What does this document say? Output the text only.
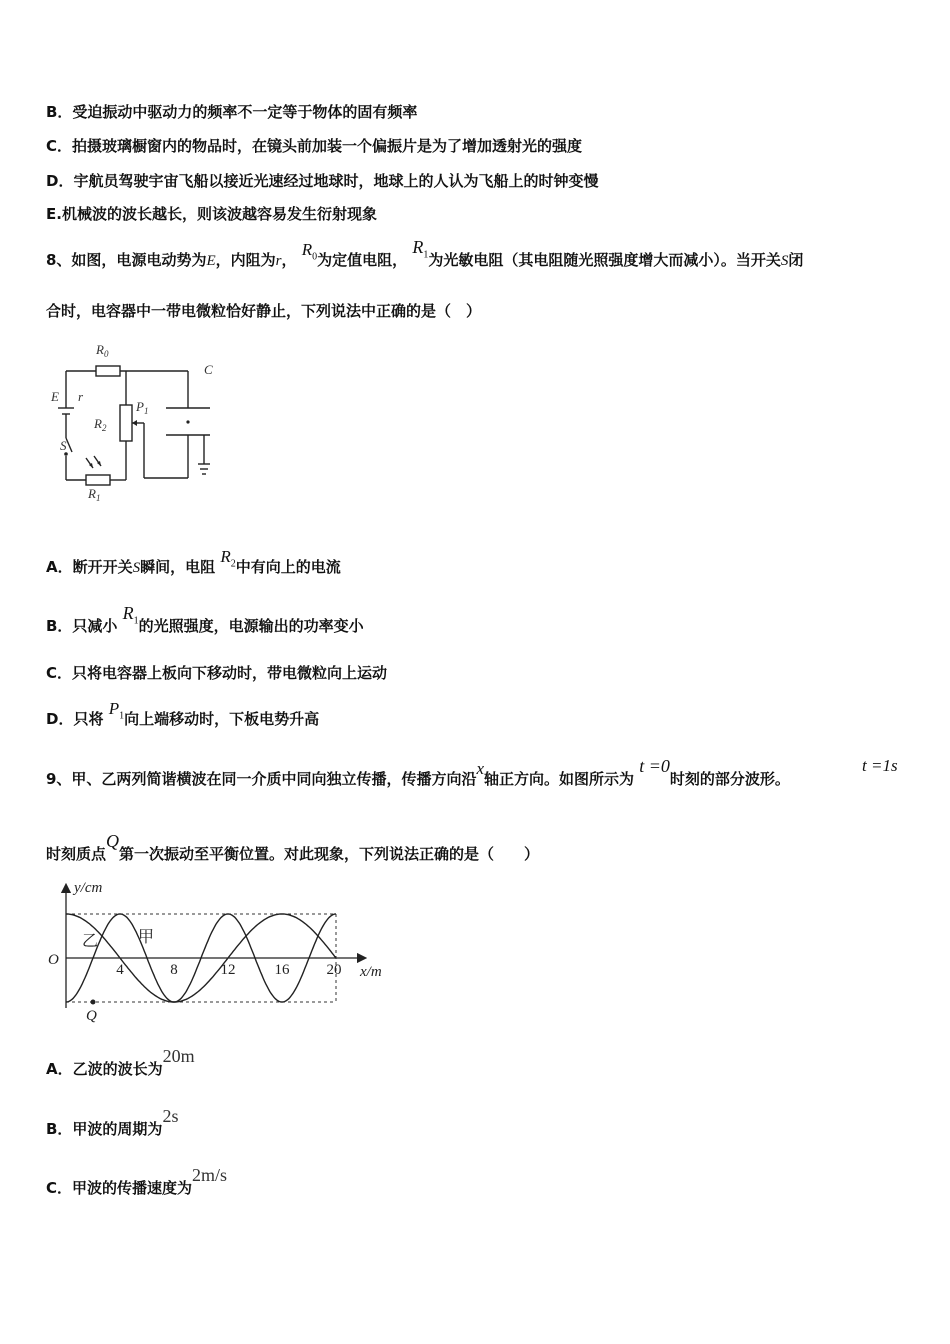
B．受迫振动中驱动力的频率不一定等于物体的固有频率
C．拍摄玻璃橱窗内的物品时，在镜头前加装一个偏振片是为了增加透射光的强度
D．宇航员驾驶宇宙飞船以接近光速经过地球时，地球上的人认为飞船上的时钟变慢
E.机械波的波长越长，则该波越容易发生衍射现象
8、如图，电源电动势为E，内阻为r， $R_0$为定值电阻， $R_1$为光敏电阻（其电阻随光照强度增大而减小）。当开关S闭
合时，电容器中一带电微粒恰好静止，下列说法中正确的是（　）
$R_0$
C
E r
$P_1$
$R_2$
S
$R_1$
A．断开开关S瞬间，电阻 $R_2$中有向上的电流
B．只减小 $R_1$的光照强度，电源输出的功率变小
C．只将电容器上板向下移动时，带电微粒向上运动
D．只将 $P_1$向上端移动时，下板电势升高
9、甲、乙两列简谐横波在同一介质中同向独立传播，传播方向沿x轴正方向。如图所示为 t =0时刻的部分波形。
t =1s
时刻质点Q第一次振动至平衡位置。对此现象，下列说法正确的是（　　）
y/cm
x/m
O
Q
4	8	12	16 20
乙 甲
A．乙波的波长为20m
B．甲波的周期为2s
C．甲波的传播速度为2m/s
